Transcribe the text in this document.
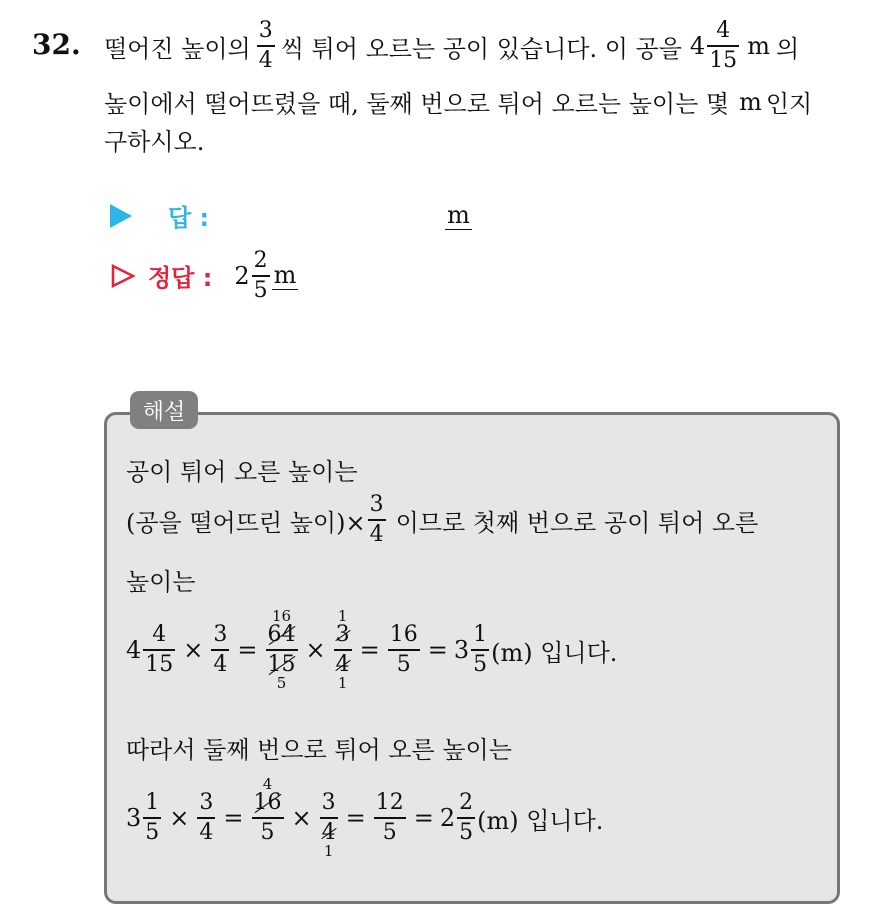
32. 떨어진 높이의 $\frac{3}{4}$ 씩 튀어 오르는 공이 있습니다. 이 공을 $4 \frac{4}{15}$ m 의
높이에서 떨어뜨렸을 때, 둘째 번으로 튀어 오르는 높이는 몇 m 인지
구하시오.
답 :	m
정답 : $2 \frac{2}{5}$ m
해설
공이 튀어 오른 높이는
(공을 떨어뜨린 높이)× $\frac{3}{4}$ 이므로 첫째 번으로 공이 튀어 오른
높이는
$4 \frac{4}{15} \times \frac{3}{4}$ =
16
$\frac{64}{15}$
5
×
1
$\frac{3}{4}$
1
= $\frac{16}{5} = 3 \frac{1}{5} (m)$ 입니다.
따라서 둘째 번으로 튀어 오른 높이는
$3 \frac{1}{5} \times \frac{3}{4}$ =
4
$\frac{16}{5} \times \frac{3}{4}$
1
= $\frac{12}{5} = 2 \frac{2}{5} (m)$ 입니다.
